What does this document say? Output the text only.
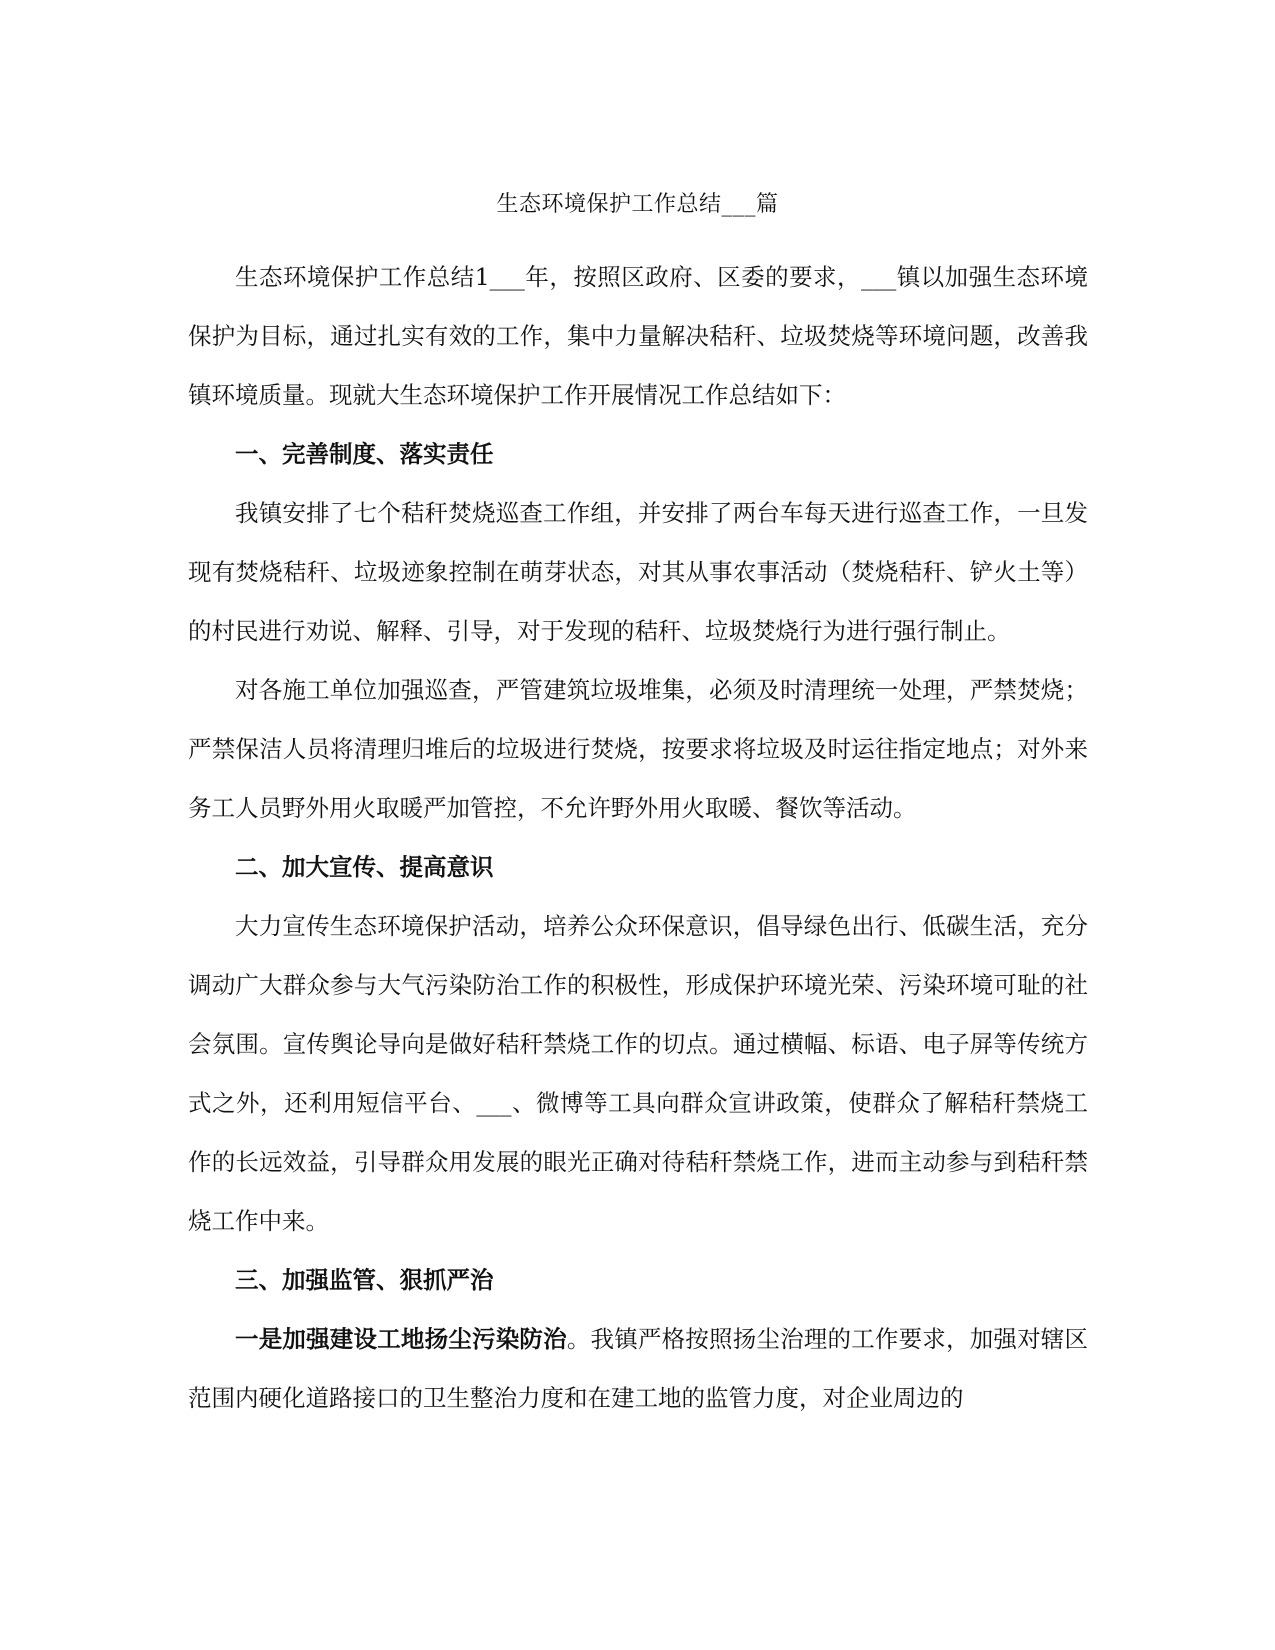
生态环境保护工作总结___篇

生态环境保护工作总结1___年，按照区政府、区委的要求，___镇以加强生态环境保护为目标，通过扎实有效的工作，集中力量解决秸秆、垃圾焚烧等环境问题，改善我镇环境质量。现就大生态环境保护工作开展情况工作总结如下：

一、完善制度、落实责任

我镇安排了七个秸秆焚烧巡查工作组，并安排了两台车每天进行巡查工作，一旦发现有焚烧秸秆、垃圾迹象控制在萌芽状态，对其从事农事活动（焚烧秸秆、铲火土等）的村民进行劝说、解释、引导，对于发现的秸秆、垃圾焚烧行为进行强行制止。

对各施工单位加强巡查，严管建筑垃圾堆集，必须及时清理统一处理，严禁焚烧；严禁保洁人员将清理归堆后的垃圾进行焚烧，按要求将垃圾及时运往指定地点；对外来务工人员野外用火取暖严加管控，不允许野外用火取暖、餐饮等活动。

二、加大宣传、提高意识

大力宣传生态环境保护活动，培养公众环保意识，倡导绿色出行、低碳生活，充分调动广大群众参与大气污染防治工作的积极性，形成保护环境光荣、污染环境可耻的社会氛围。宣传舆论导向是做好秸秆禁烧工作的切点。通过横幅、标语、电子屏等传统方式之外，还利用短信平台、___、微博等工具向群众宣讲政策，使群众了解秸秆禁烧工作的长远效益，引导群众用发展的眼光正确对待秸秆禁烧工作，进而主动参与到秸秆禁烧工作中来。

三、加强监管、狠抓严治

一是加强建设工地扬尘污染防治。我镇严格按照扬尘治理的工作要求，加强对辖区范围内硬化道路接口的卫生整治力度和在建工地的监管力度，对企业周边的
